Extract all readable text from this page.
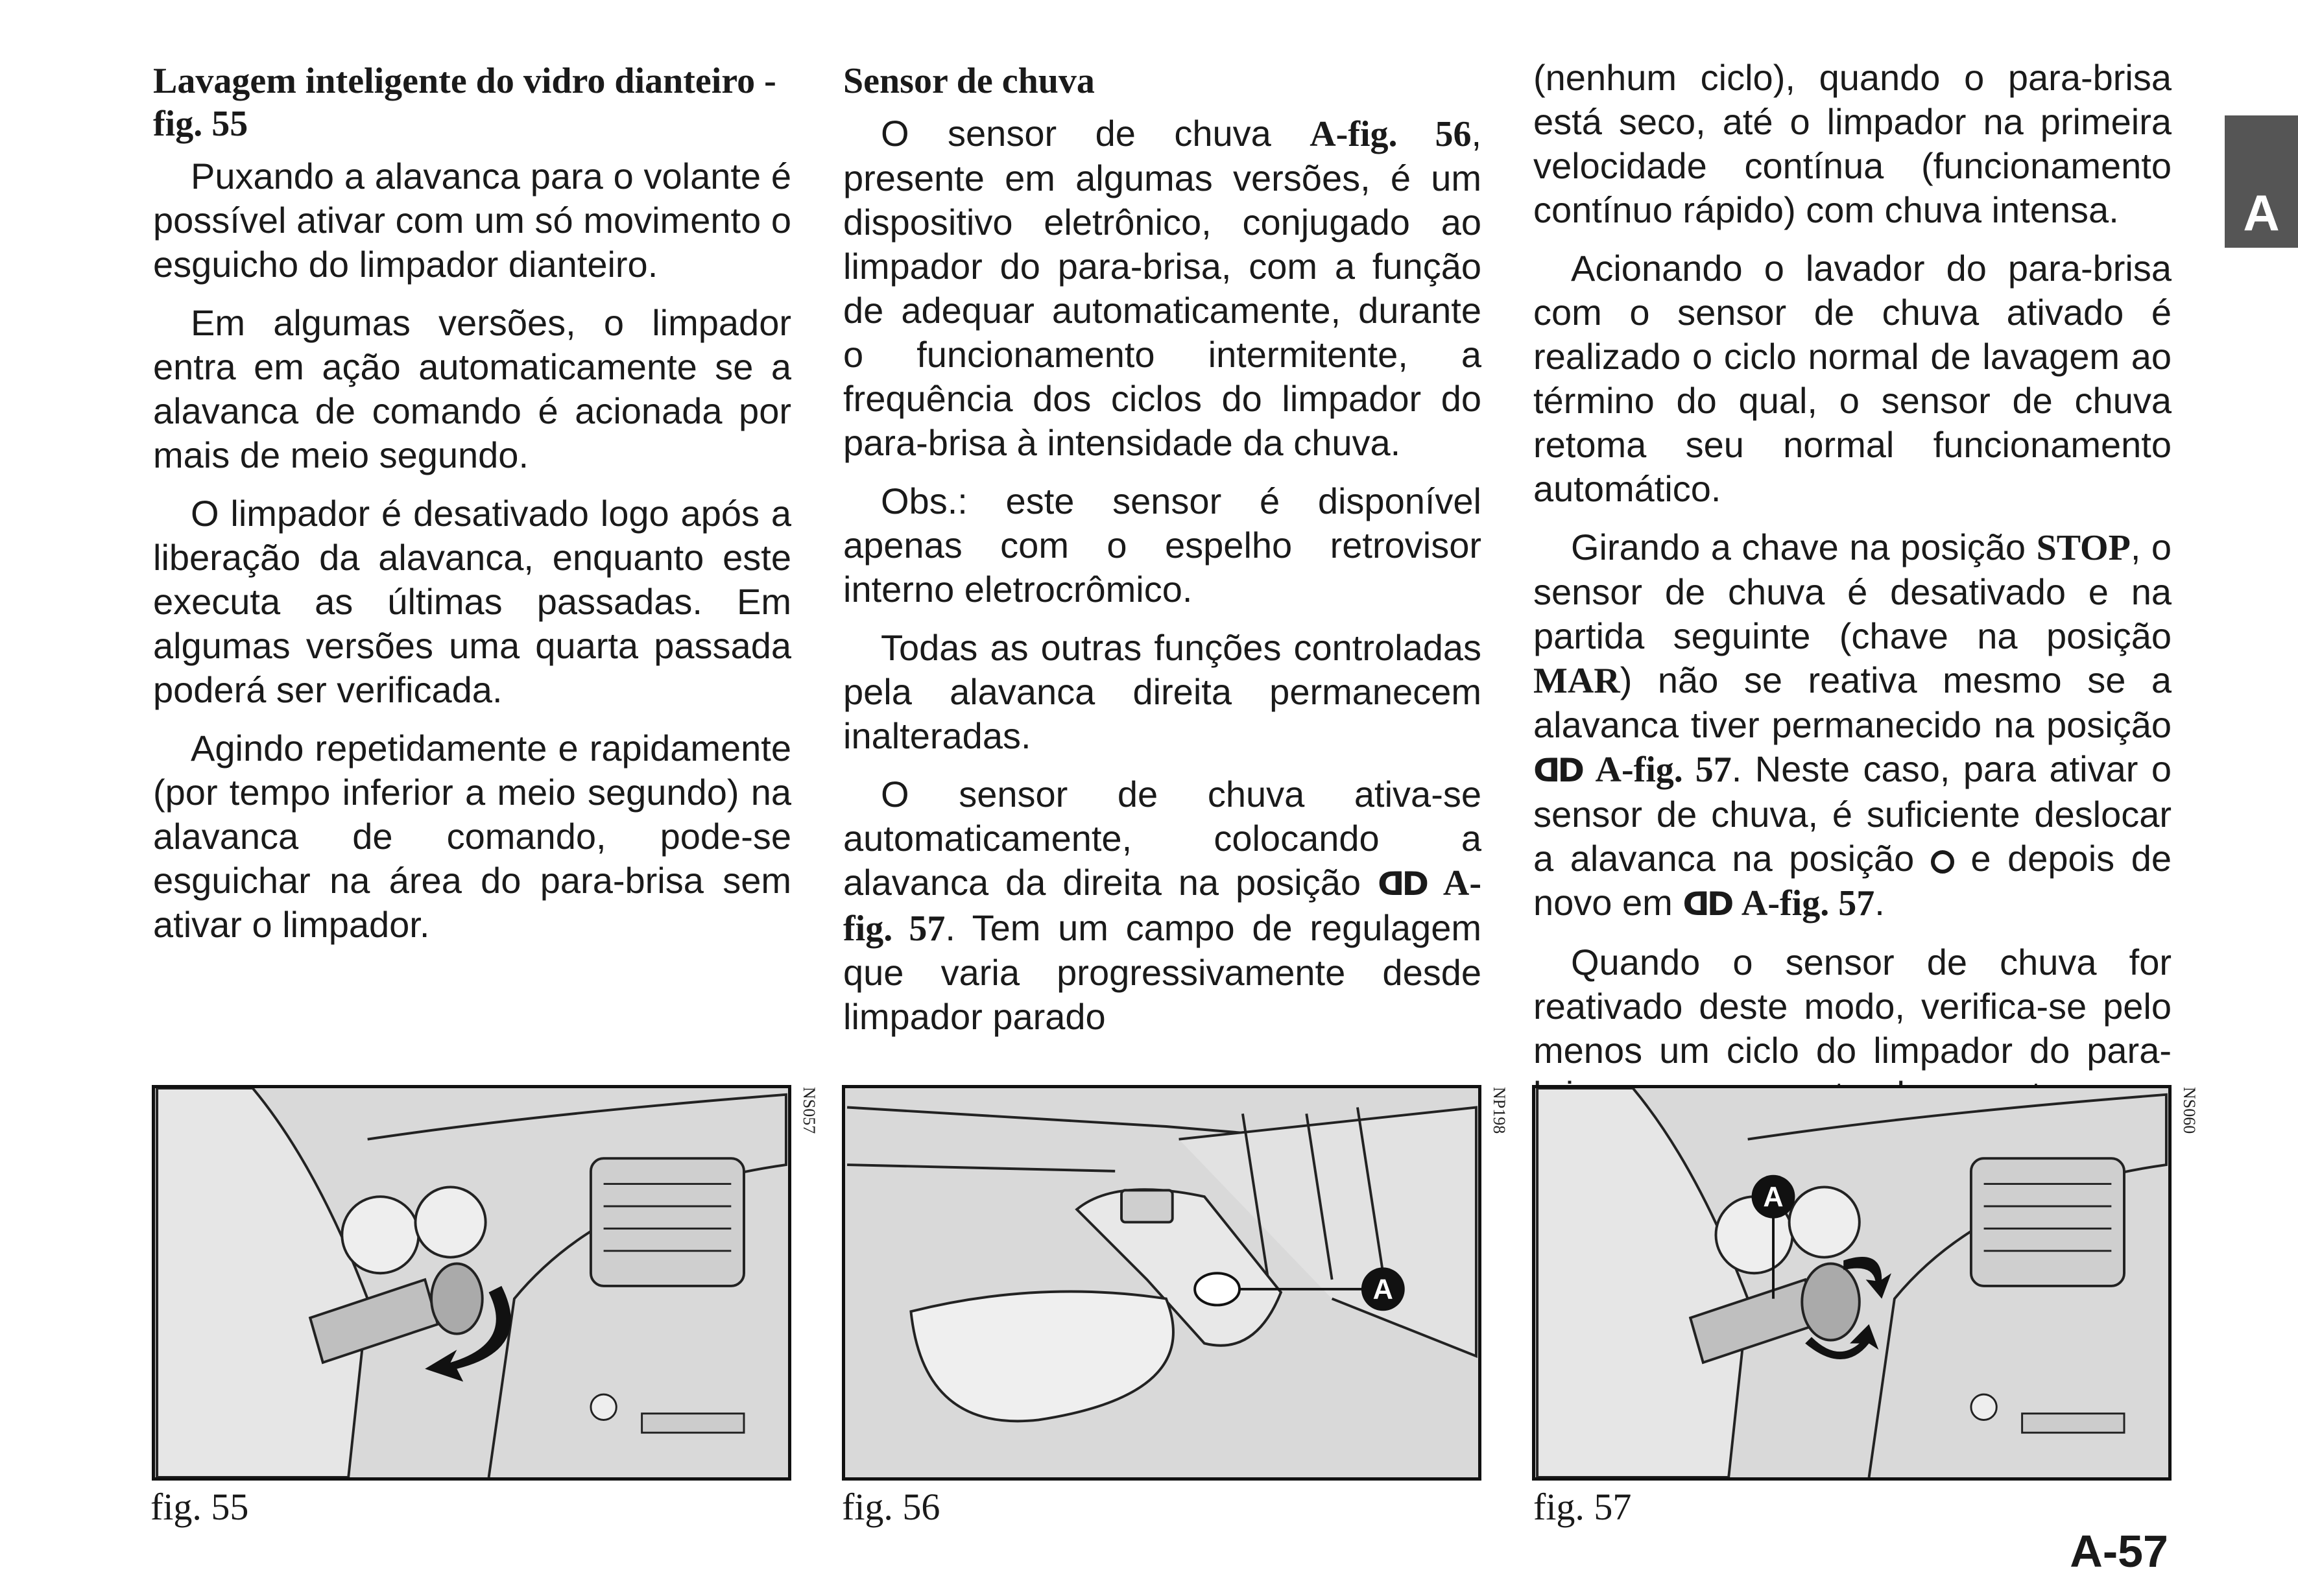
A
Lavagem inteligente do vidro dianteiro - fig. 55

Puxando a alavanca para o volante é possível ativar com um só movimento o esguicho do limpador dianteiro.

Em algumas versões, o limpador entra em ação automaticamente se a alavanca de comando é acionada por mais de meio segundo.

O limpador é desativado logo após a liberação da alavanca, enquanto este executa as últimas passadas. Em algumas versões uma quarta passada poderá ser verificada.

Agindo repetidamente e rapidamente (por tempo inferior a meio segundo) na alavanca de comando, pode-se esguichar na área do para-brisa sem ativar o limpador.

Sensor de chuva

O sensor de chuva A-fig. 56, presente em algumas versões, é um dispositivo eletrônico, conjugado ao limpador do para-brisa, com a função de adequar automaticamente, durante o funcionamento intermitente, a frequência dos ciclos do limpador do para-brisa à intensidade da chuva.

Obs.: este sensor é disponível apenas com o espelho retrovisor interno eletrocrômico.

Todas as outras funções controladas pela alavanca direita permanecem inalteradas.

O sensor de chuva ativa-se automaticamente, colocando a alavanca da direita na posição ᗡᗞ A-fig. 57. Tem um campo de regulagem que varia progressivamente desde limpador parado

(nenhum ciclo), quando o para-brisa está seco, até o limpador na primeira velocidade contínua (funcionamento contínuo rápido) com chuva intensa.

Acionando o lavador do para-brisa com o sensor de chuva ativado é realizado o ciclo normal de lavagem ao término do qual, o sensor de chuva retoma seu normal funcionamento automático.

Girando a chave na posição STOP, o sensor de chuva é desativado e na partida seguinte (chave na posição MAR) não se reativa mesmo se a alavanca tiver permanecido na posição ᗡᗞ A-fig. 57. Neste caso, para ativar o sensor de chuva, é suficiente deslocar a alavanca na posição  e depois de novo em ᗡᗞ A-fig. 57.

Quando o sensor de chuva for reativado deste modo, verifica-se pelo menos um ciclo do limpador do para-

NS057
fig. 55
A
NP198
fig. 56
A
NS060
fig. 57
A-57
